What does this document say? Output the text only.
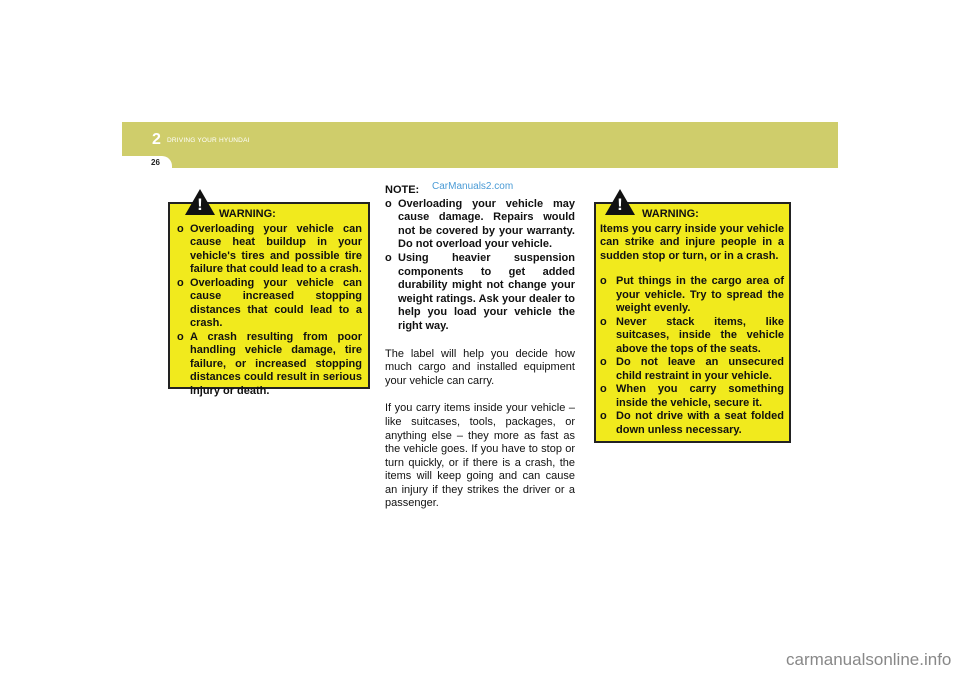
2 DRIVING YOUR HYUNDAI
26
!	WARNING:
o Overloading your vehicle can cause heat buildup in your vehicle's tires and possible tire failure that could lead to a crash.
o Overloading your vehicle can cause increased stopping distances that could lead to a crash.
o A crash resulting from poor handling vehicle damage, tire failure, or increased stopping distances could result in serious injury or death.
NOTE:
o Overloading your vehicle may cause damage. Repairs would not be covered by your warranty. Do not overload your vehicle.
o Using heavier suspension components to get added durability might not change your weight ratings. Ask your dealer to help you load your vehicle the right way.

The label will help you decide how much cargo and installed equipment your vehicle can carry.

If you carry items inside your vehicle – like suitcases, tools, packages, or anything else – they more as fast as the vehicle goes. If you have to stop or turn quickly, or if there is a crash, the items will keep going and can cause an injury if they strikes the driver or a passenger.

CarManuals2.com
!	WARNING:
Items you carry inside your vehicle can strike and injure people in a sudden stop or turn, or in a crash.
o Put things in the cargo area of your vehicle. Try to spread the weight evenly.
o Never stack items, like suitcases, inside the vehicle above the tops of the seats.
o Do not leave an unsecured child restraint in your vehicle.
o When you carry something inside the vehicle, secure it.
o Do not drive with a seat folded down unless necessary.
carmanualsonline.info
